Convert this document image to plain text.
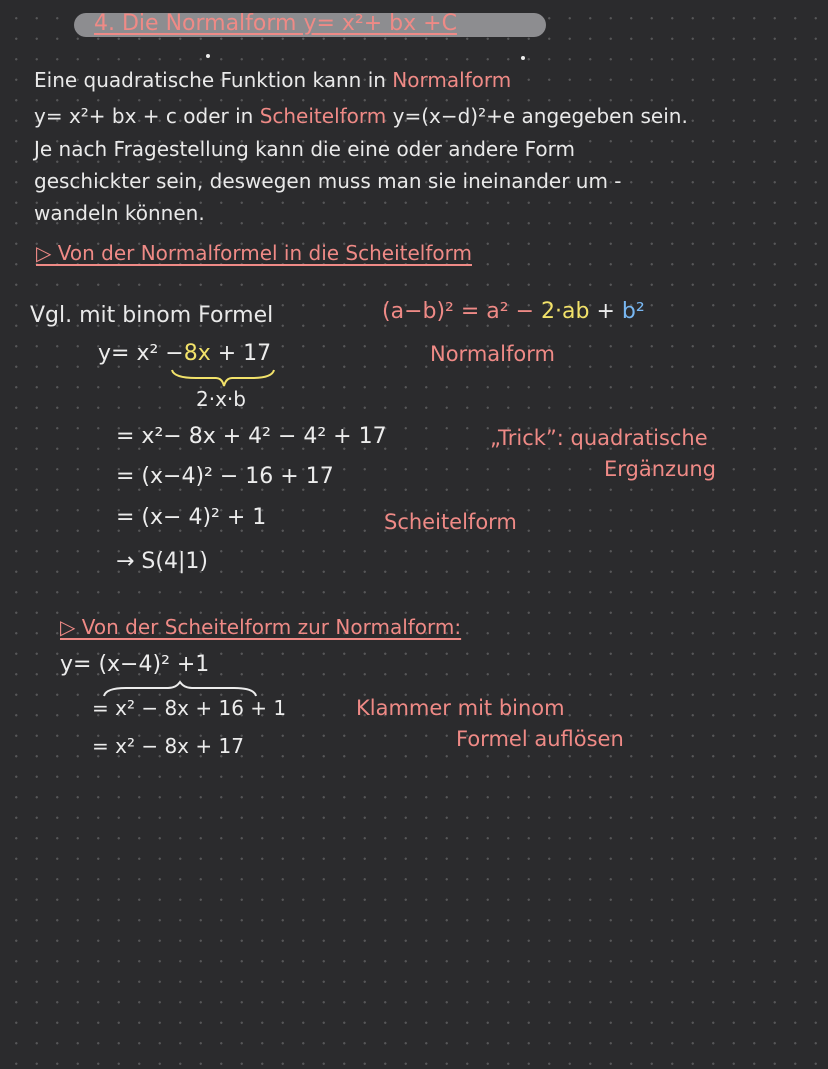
4. Die Normalform y= x²+ bx +C
Eine quadratische Funktion kann in Normalform
y= x²+ bx + c oder in Scheitelform y=(x−d)²+e angegeben sein.
Je nach Fragestellung kann die eine oder andere Form
geschickter sein, deswegen muss man sie ineinander um -
wandeln können.
▷ Von der Normalformel in die Scheitelform
Vgl. mit binom Formel	(a−b)² = a² − 2·ab + b²
y= x² −8x + 17	Normalform
2·x·b
= x²− 8x + 4² − 4² + 17	„Trick”: quadratische
Ergänzung
= (x−4)² − 16 + 17
= (x− 4)² + 1	Scheitelform
→ S(4|1)
▷ Von der Scheitelform zur Normalform:
y= (x−4)² +1
= x² − 8x + 16 + 1
= x² − 8x + 17
Klammer mit binom
Formel auflösen
